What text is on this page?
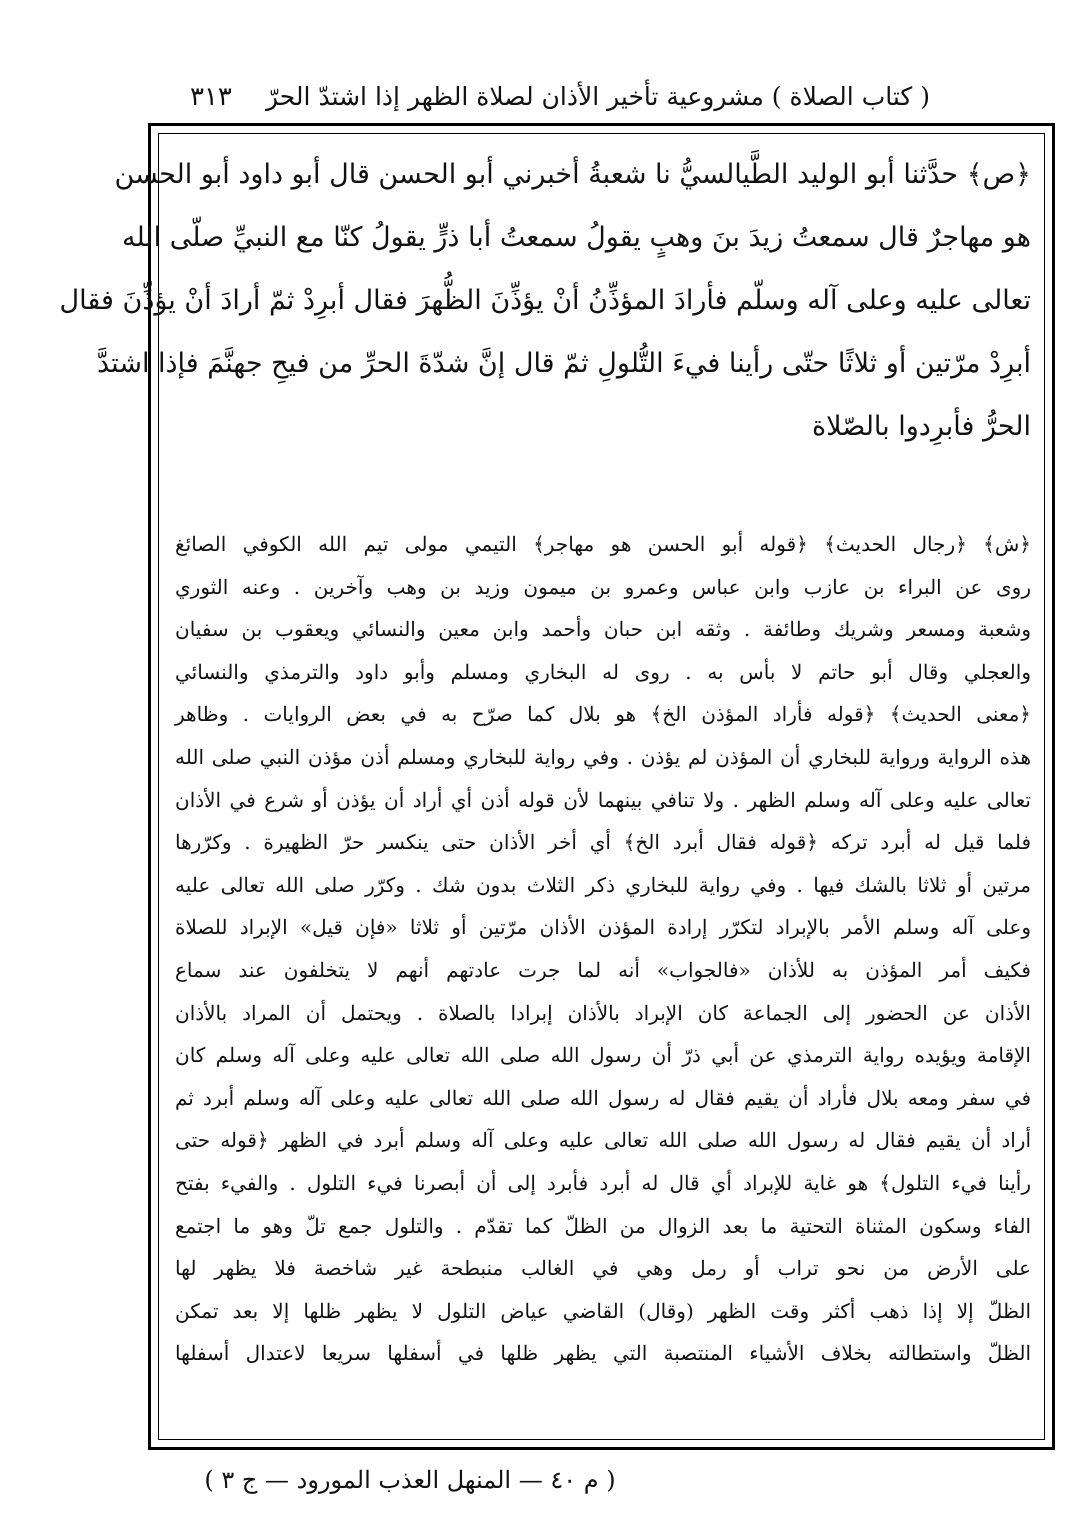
( كتاب الصلاة ) مشروعية تأخير الأذان لصلاة الظهر إذا اشتدّ الحرّ
٣١٣
﴿ص﴾ حدَّثنا أبو الوليد الطَّيالسيُّ نا شعبةُ أخبرني أبو الحسن قال أبو داود أبو الحسن
هو مهاجرٌ قال سمعتُ زيدَ بنَ وهبٍ يقولُ سمعتُ أبا ذرٍّ يقولُ كنّا مع النبيِّ صلّى الله
تعالى عليه وعلى آله وسلّم فأرادَ المؤذِّنُ أنْ يؤذِّنَ الظُّهرَ فقال أبرِدْ ثمّ أرادَ أنْ يؤذِّنَ فقال
أبرِدْ مرّتين أو ثلاثًا حتّى رأينا فيءَ التُّلولِ ثمّ قال إنَّ شدّةَ الحرِّ من فيحِ جهنَّمَ فإذا اشتدَّ
الحرُّ فأبرِدوا بالصّلاة
﴿ش﴾ ﴿رجال الحديث﴾ ﴿قوله أبو الحسن هو مهاجر﴾ التيمي مولى تيم الله الكوفي الصائغ
روى عن البراء بن عازب وابن عباس وعمرو بن ميمون وزيد بن وهب وآخرين . وعنه الثوري
وشعبة ومسعر وشريك وطائفة . وثقه ابن حبان وأحمد وابن معين والنسائي ويعقوب بن سفيان
والعجلي وقال أبو حاتم لا بأس به . روى له البخاري ومسلم وأبو داود والترمذي والنسائي
﴿معنى الحديث﴾ ﴿قوله فأراد المؤذن الخ﴾ هو بلال كما صرّح به في بعض الروايات . وظاهر
هذه الرواية ورواية للبخاري أن المؤذن لم يؤذن . وفي رواية للبخاري ومسلم أذن مؤذن النبي صلى الله
تعالى عليه وعلى آله وسلم الظهر . ولا تنافي بينهما لأن قوله أذن أي أراد أن يؤذن أو شرع في الأذان
فلما قيل له أبرد تركه ﴿قوله فقال أبرد الخ﴾ أي أخر الأذان حتى ينكسر حرّ الظهيرة . وكرّرها
مرتين أو ثلاثا بالشك فيها . وفي رواية للبخاري ذكر الثلاث بدون شك . وكرّر صلى الله تعالى عليه
وعلى آله وسلم الأمر بالإبراد لتكرّر إرادة المؤذن الأذان مرّتين أو ثلاثا «فإن قيل» الإبراد للصلاة
فكيف أمر المؤذن به للأذان «فالجواب» أنه لما جرت عادتهم أنهم لا يتخلفون عند سماع
الأذان عن الحضور إلى الجماعة كان الإبراد بالأذان إبرادا بالصلاة . ويحتمل أن المراد بالأذان
الإقامة ويؤيده رواية الترمذي عن أبي ذرّ أن رسول الله صلى الله تعالى عليه وعلى آله وسلم كان
في سفر ومعه بلال فأراد أن يقيم فقال له رسول الله صلى الله تعالى عليه وعلى آله وسلم أبرد ثم
أراد أن يقيم فقال له رسول الله صلى الله تعالى عليه وعلى آله وسلم أبرد في الظهر ﴿قوله حتى
رأينا فيء التلول﴾ هو غاية للإبراد أي قال له أبرد فأبرد إلى أن أبصرنا فيء التلول . والفيء بفتح
الفاء وسكون المثناة التحتية ما بعد الزوال من الظلّ كما تقدّم . والتلول جمع تلّ وهو ما اجتمع
على الأرض من نحو تراب أو رمل وهي في الغالب منبطحة غير شاخصة فلا يظهر لها
الظلّ إلا إذا ذهب أكثر وقت الظهر (وقال) القاضي عياض التلول لا يظهر ظلها إلا بعد تمكن
الظلّ واستطالته بخلاف الأشياء المنتصبة التي يظهر ظلها في أسفلها سريعا لاعتدال أسفلها
( م ٤٠ — المنهل العذب المورود — ج ٣ )
